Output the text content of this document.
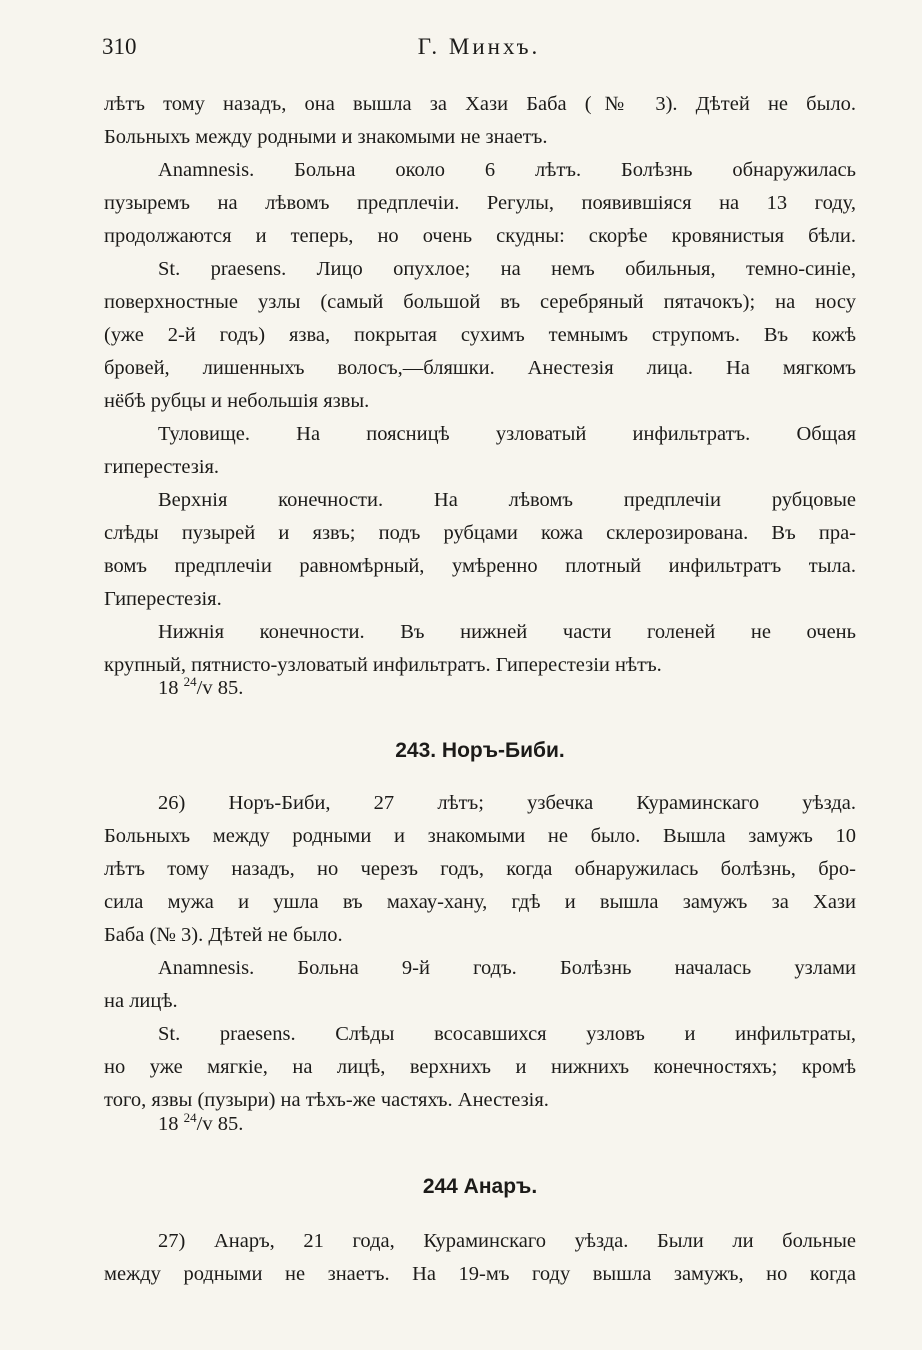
310	Г. Минхъ.
лѣтъ тому назадъ, она вышла за Хази Баба (№ 3). Дѣтей не было.
Больныхъ между родными и знакомыми не знаетъ.
Anamnesis. Больна около 6 лѣтъ. Болѣзнь обнаружилась
пузыремъ на лѣвомъ предплечіи. Регулы, появившіяся на 13 году,
продолжаются и теперь, но очень скудны: скорѣе кровянистыя бѣли.
St. praesens. Лицо опухлое; на немъ обильныя, темно-синіе,
поверхностные узлы (самый большой въ серебряный пятачокъ); на носу
(уже 2-й годъ) язва, покрытая сухимъ темнымъ струпомъ. Въ кожѣ
бровей, лишенныхъ волосъ,—бляшки. Анестезія лица. На мягкомъ
нёбѣ рубцы и небольшія язвы.
Туловище. На поясницѣ узловатый инфильтратъ. Общая
гиперестезія.
Верхнія конечности. На лѣвомъ предплечіи рубцовые
слѣды пузырей и язвъ; подъ рубцами кожа склерозирована. Въ пра-
вомъ предплечіи равномѣрный, умѣренно плотный инфильтратъ тыла.
Гиперестезія.
Нижнія конечности. Въ нижней части голеней не очень
крупный, пятнисто-узловатый инфильтратъ. Гиперестезіи нѣтъ.
18 $^{24}$/v 85.
243. Норъ-Биби.
26) Норъ-Биби, 27 лѣтъ; узбечка Кураминскаго уѣзда.
Больныхъ между родными и знакомыми не было. Вышла замужъ 10
лѣтъ тому назадъ, но черезъ годъ, когда обнаружилась болѣзнь, бро-
сила мужа и ушла въ махау-хану, гдѣ и вышла замужъ за Хази
Баба (№ 3). Дѣтей не было.
Anamnesis. Больна 9-й годъ. Болѣзнь началась узлами
на лицѣ.
St. praesens. Слѣды всосавшихся узловъ и инфильтраты,
но уже мягкіе, на лицѣ, верхнихъ и нижнихъ конечностяхъ; кромѣ
того, язвы (пузыри) на тѣхъ-же частяхъ. Анестезія.
18 $^{24}$/v 85.
244 Анаръ.
27) Анаръ, 21 года, Кураминскаго уѣзда. Были ли больные
между родными не знаетъ. На 19-мъ году вышла замужъ, но когда
